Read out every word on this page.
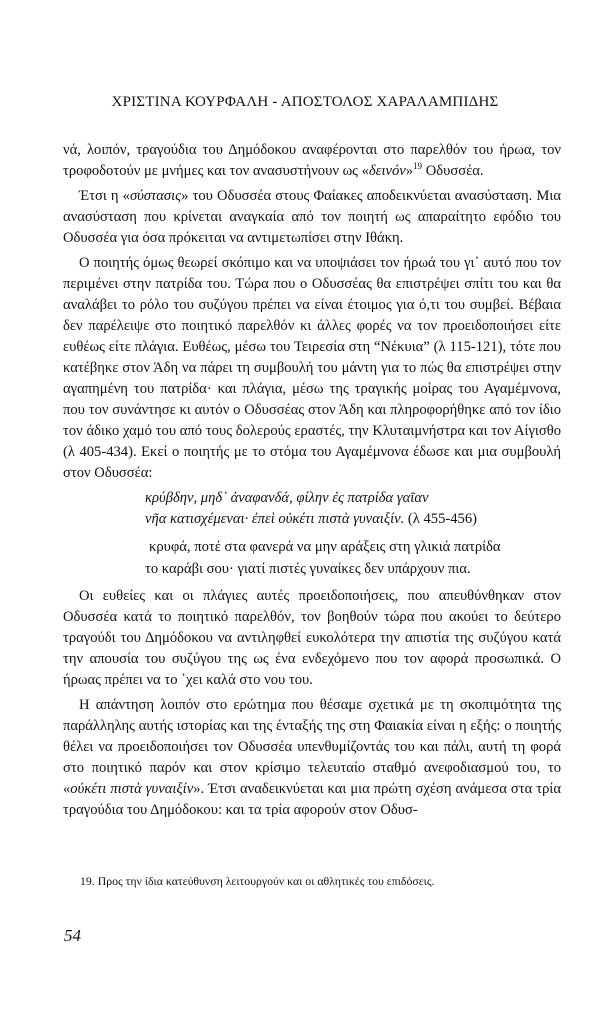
ΧΡΙΣΤΙΝΑ ΚΟΥΡΦΑΛΗ - ΑΠΟΣΤΟΛΟΣ ΧΑΡΑΛΑΜΠΙΔΗΣ

νά, λοιπόν, τραγούδια του Δημόδοκου αναφέρονται στο παρελθόν του ήρωα, τον τροφοδοτούν με μνήμες και τον ανασυστήνουν ως «δεινόν»$^{19}$ Οδυσσέα.

Έτσι η «σύστασις» του Οδυσσέα στους Φαίακες αποδεικνύεται ανασύσταση. Μια ανασύσταση που κρίνεται αναγκαία από τον ποιητή ως απαραίτητο εφόδιο του Οδυσσέα για όσα πρόκειται να αντιμετωπίσει στην Ιθάκη.

Ο ποιητής όμως θεωρεί σκόπιμο και να υποψιάσει τον ήρωά του γι᾽ αυτό που τον περιμένει στην πατρίδα του. Τώρα που ο Οδυσσέας θα επιστρέψει σπίτι του και θα αναλάβει το ρόλο του συζύγου πρέπει να είναι έτοιμος για ό,τι του συμβεί. Βέβαια δεν παρέλειψε στο ποιητικό παρελθόν κι άλλες φορές να τον προειδοποιήσει είτε ευθέως είτε πλάγια. Ευθέως, μέσω του Τειρεσία στη “Νέκυια” (λ 115-121), τότε που κατέβηκε στον Άδη να πάρει τη συμβουλή του μάντη για το πώς θα επιστρέψει στην αγαπημένη του πατρίδα· και πλάγια, μέσω της τραγικής μοίρας του Αγαμέμνονα, που τον συνάντησε κι αυτόν ο Οδυσσέας στον Άδη και πληροφορήθηκε από τον ίδιο τον άδικο χαμό του από τους δολερούς εραστές, την Κλυταιμνήστρα και τον Αίγισθο (λ 405-434). Εκεί ο ποιητής με το στόμα του Αγαμέμνονα έδωσε και μια συμβουλή στον Οδυσσέα:

κρύβδην, μηδ᾽ ἀναφανδά, φίλην ἐς πατρίδα γαῖαν
νῆα κατισχέμεναι· ἐπεὶ οὐκέτι πιστὰ γυναιξίν. (λ 455-456)
κρυφά, ποτέ στα φανερά να μην αράξεις στη γλικιά πατρίδα
το καράβι σου· γιατί πιστές γυναίκες δεν υπάρχουν πια.

Οι ευθείες και οι πλάγιες αυτές προειδοποιήσεις, που απευθύνθηκαν στον Οδυσσέα κατά το ποιητικό παρελθόν, τον βοηθούν τώρα που ακούει το δεύτερο τραγούδι του Δημόδοκου να αντιληφθεί ευκολότερα την απιστία της συζύγου κατά την απουσία του συζύγου της ως ένα ενδεχόμενο που τον αφορά προσωπικά. Ο ήρωας πρέπει να το ᾽χει καλά στο νου του.

Η απάντηση λοιπόν στο ερώτημα που θέσαμε σχετικά με τη σκοπιμότητα της παράλληλης αυτής ιστορίας και της ένταξής της στη Φαιακία είναι η εξής: ο ποιητής θέλει να προειδοποιήσει τον Οδυσσέα υπενθυμίζοντάς του και πάλι, αυτή τη φορά στο ποιητικό παρόν και στον κρίσιμο τελευταίο σταθμό ανεφοδιασμού του, το «οὐκέτι πιστὰ γυναιξίν». Έτσι αναδεικνύεται και μια πρώτη σχέση ανάμεσα στα τρία τραγούδια του Δημόδοκου: και τα τρία αφορούν στον Οδυσ-

19. Προς την ίδια κατεύθυνση λειτουργούν και οι αθλητικές του επιδόσεις.
54
